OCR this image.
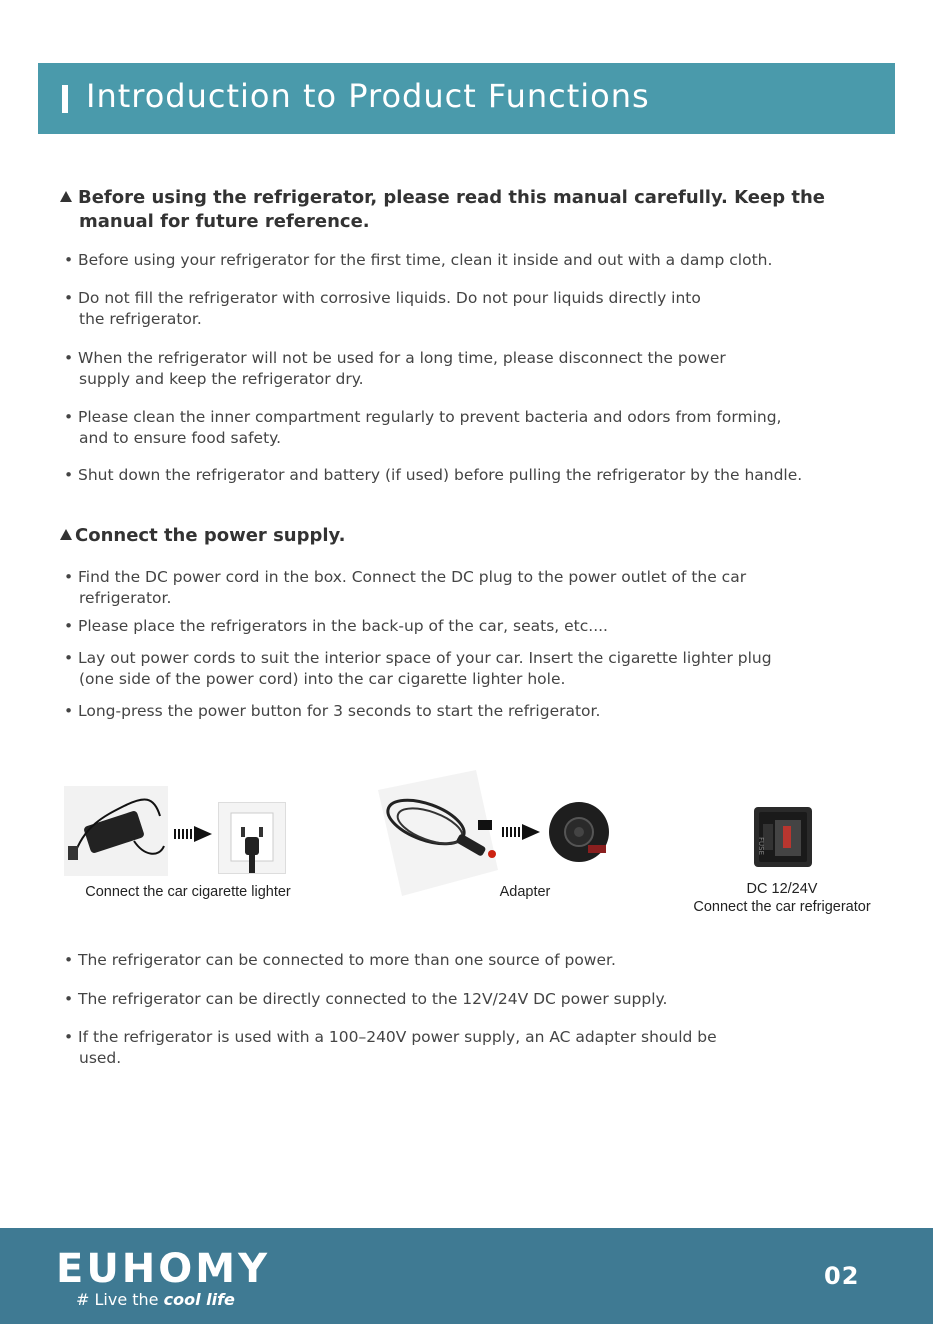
Introduction to Product Functions
Before using the refrigerator, please read this manual carefully. Keep the
manual for future reference.
• Before using your refrigerator for the first time, clean it inside and out with a damp cloth.
• Do not fill the refrigerator with corrosive liquids. Do not pour liquids directly into
the refrigerator.
• When the refrigerator will not be used for a long time, please disconnect the power
supply and keep the refrigerator dry.
• Please clean the inner compartment regularly to prevent bacteria and odors from forming,
and to ensure food safety.
• Shut down the refrigerator and battery (if used) before pulling the refrigerator by the handle.
Connect the power supply.
• Find the DC power cord in the box. Connect the DC plug to the power outlet of the car
refrigerator.
• Please place the refrigerators in the back-up of the car, seats, etc....
• Lay out power cords to suit the interior space of your car. Insert the cigarette lighter plug
(one side of the power cord) into the car cigarette lighter hole.
• Long-press the power button for 3 seconds to start the refrigerator.
Connect the car cigarette lighter	Adapter
FUSE
DC 12/24V
Connect the car refrigerator
• The refrigerator can be connected to more than one source of power.
• The refrigerator can be directly connected to the 12V/24V DC power supply.
• If the refrigerator is used with a 100–240V power supply, an AC adapter should be
used.
EUHOMY
# Live the cool life
02
